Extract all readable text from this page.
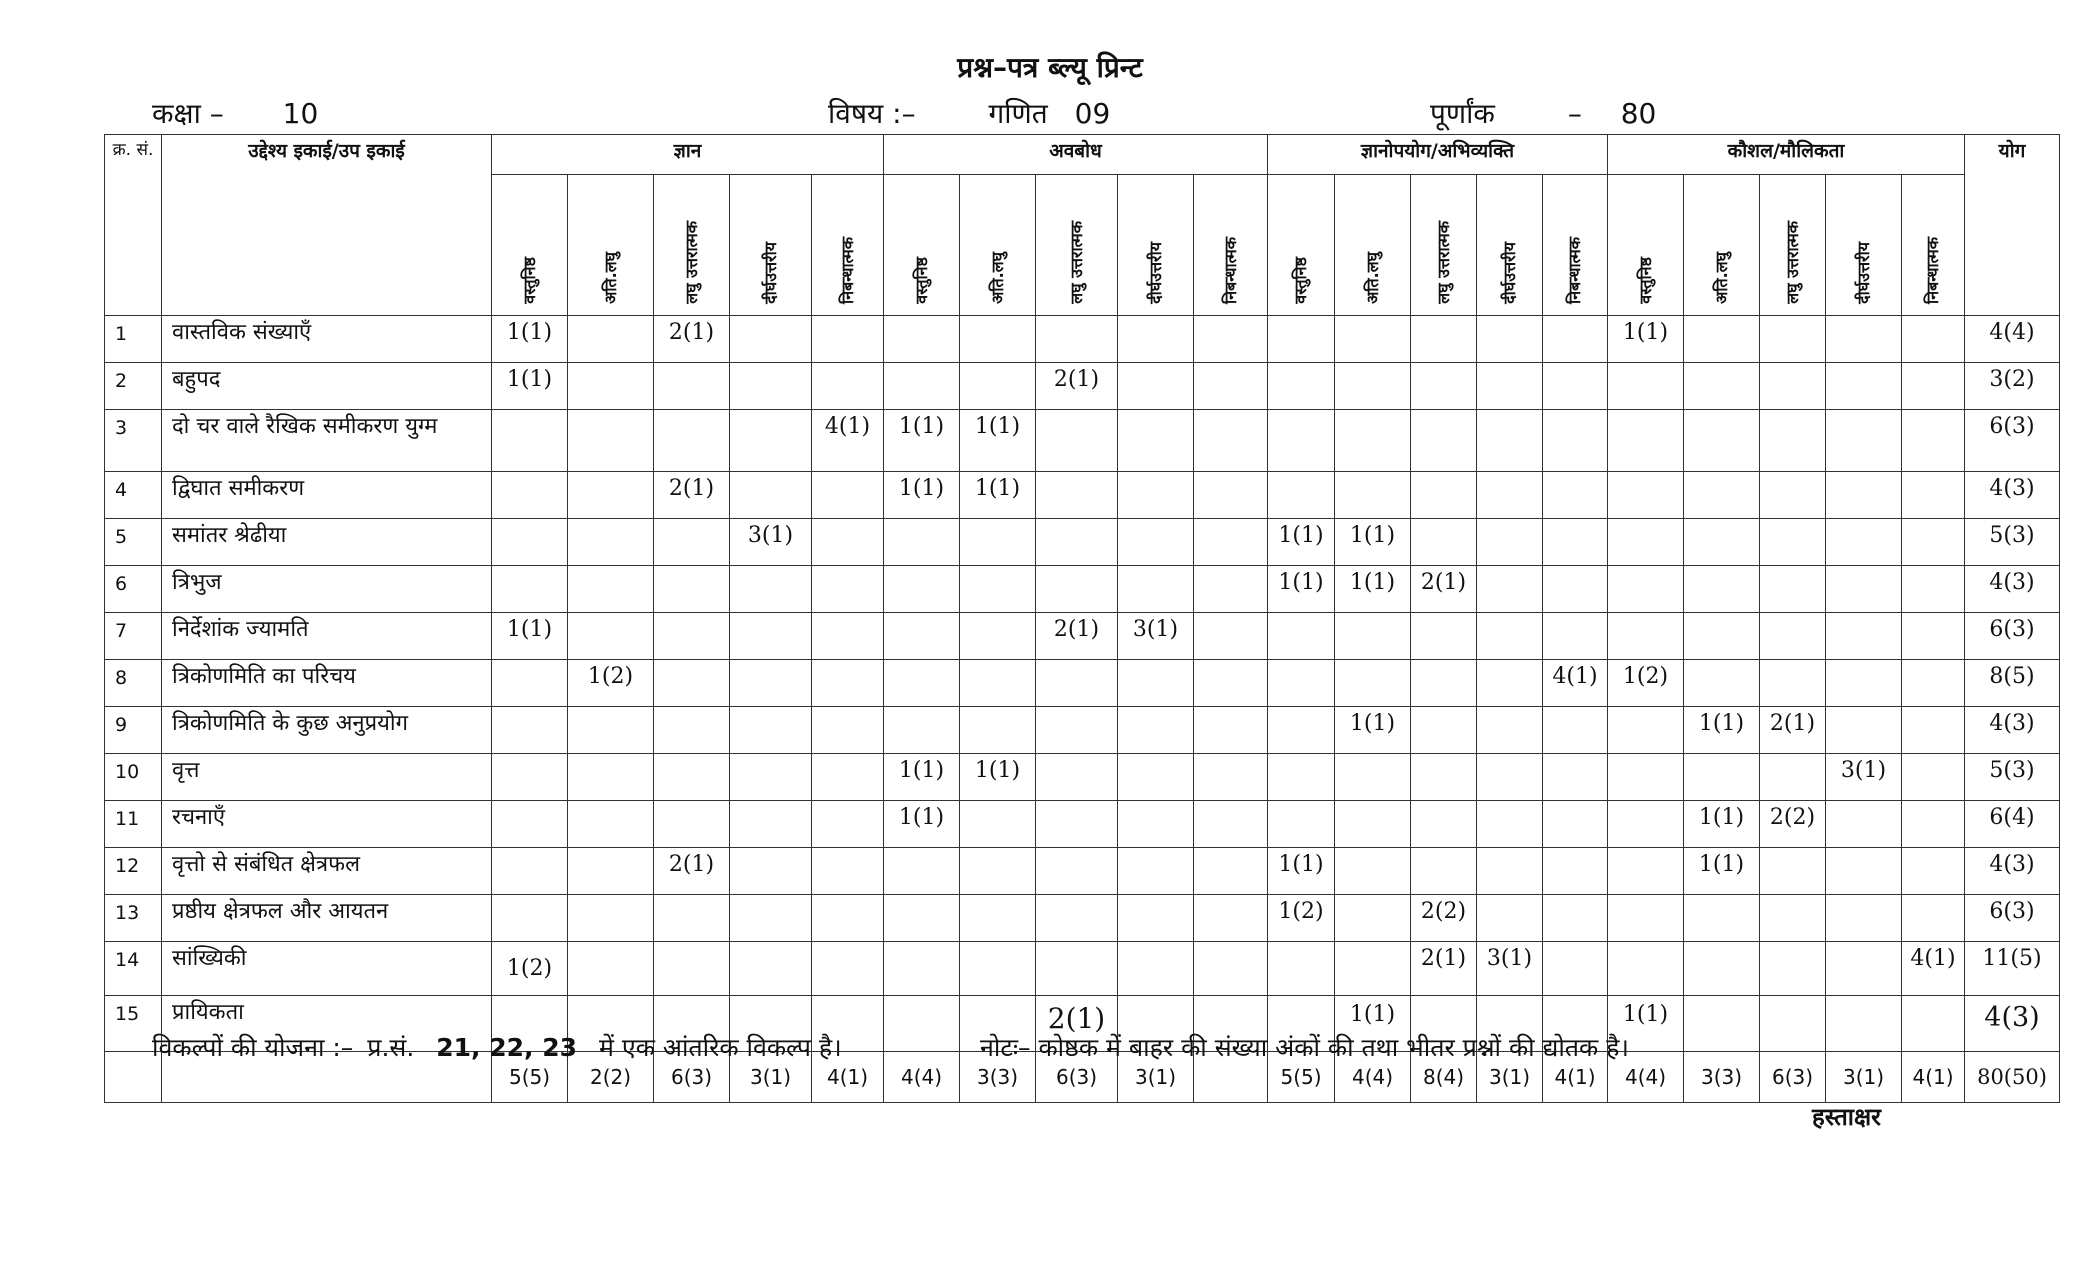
प्रश्न–पत्र ब्ल्यू प्रिन्ट
कक्षा – 10	विषय :–	गणित 09	पूर्णांक	– 80
क्र. सं.	उद्देश्य इकाई/उप इकाई	ज्ञान					अवबोध					ज्ञानोपयोग/अभिव्यक्ति					कौशल/मौलिकता					योग
		वस्तुनिष्ठ	अति.लघु	लघु उत्तरात्मक	दीर्घउत्तरीय	निबन्धात्मक	वस्तुनिष्ठ	अति.लघु	लघु उत्तरात्मक	दीर्घउत्तरीय	निबन्धात्मक	वस्तुनिष्ठ	अति.लघु	लघु उत्तरात्मक	दीर्घउत्तरीय	निबन्धात्मक	वस्तुनिष्ठ	अति.लघु	लघु उत्तरात्मक	दीर्घउत्तरीय	निबन्धात्मक	
1	वास्तविक संख्याएँ	1(1)		2(1)													1(1)					4(4)
2	बहुपद	1(1)							2(1)													3(2)
3	दो चर वाले रैखिक समीकरण युग्म					4(1)	1(1)	1(1)														6(3)
4	द्विघात समीकरण			2(1)			1(1)	1(1)														4(3)
5	समांतर श्रेढीया				3(1)							1(1)	1(1)									5(3)
6	त्रिभुज											1(1)	1(1)	2(1)								4(3)
7	निर्देशांक ज्यामति	1(1)							2(1)	3(1)												6(3)
8	त्रिकोणमिति का परिचय		1(2)													4(1)	1(2)					8(5)
9	त्रिकोणमिति के कुछ अनुप्रयोग												1(1)					1(1)	2(1)			4(3)
10	वृत्त						1(1)	1(1)												3(1)		5(3)
11	रचनाएँ						1(1)											1(1)	2(2)			6(4)
12	वृत्तो से संबंधित क्षेत्रफल			2(1)								1(1)						1(1)				4(3)
13	प्रष्ठीय क्षेत्रफल और आयतन											1(2)		2(2)								6(3)
14	सांख्यिकी	1(2)												2(1)	3(1)						4(1)	11(5)
15	प्रायिकता								2(1)				1(1)				1(1)					4(3)
		5(5)	2(2)	6(3)	3(1)	4(1)	4(4)	3(3)	6(3)	3(1)		5(5)	4(4)	8(4)	3(1)	4(1)	4(4)	3(3)	6(3)	3(1)	4(1)	80(50)
विकल्पों की योजना :– प्र.सं. 21, 22, 23 में एक आंतरिक विकल्प है।	नोटः– कोष्ठक में बाहर की संख्या अंकों की तथा भीतर प्रश्नों की द्योतक है।
हस्ताक्षर
